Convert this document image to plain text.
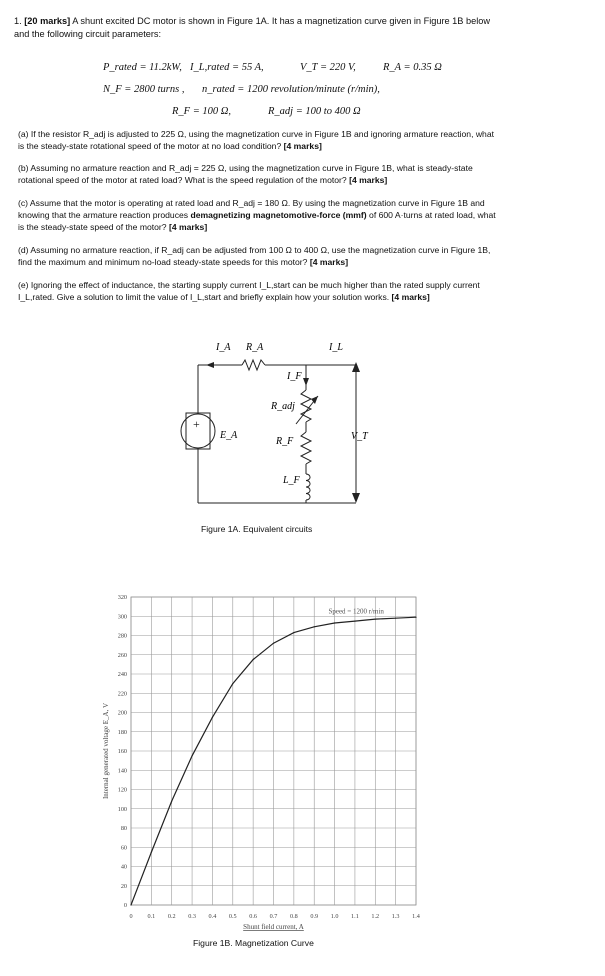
1. [20 marks] A shunt excited DC motor is shown in Figure 1A. It has a magnetization curve given in Figure 1B below
and the following circuit parameters:
P_rated = 11.2kW, I_L,rated = 55 A,	V_T = 220 V,	R_A = 0.35 Ω
N_F = 2800 turns , n_rated = 1200 revolution/minute (r/min),
R_F = 100 Ω,	R_adj = 100 to 400 Ω
(a) If the resistor R_adj is adjusted to 225 Ω, using the magnetization curve in Figure 1B and ignoring armature reaction, what is the steady-state rotational speed of the motor at no load condition? [4 marks]
(b) Assuming no armature reaction and R_adj = 225 Ω, using the magnetization curve in Figure 1B, what is steady-state rotational speed of the motor at rated load? What is the speed regulation of the motor? [4 marks]
(c) Assume that the motor is operating at rated load and R_adj = 180 Ω. By using the magnetization curve in Figure 1B and knowing that the armature reaction produces demagnetizing magnetomotive-force (mmf) of 600 A·turns at rated load, what is the steady-state speed of the motor? [4 marks]
(d) Assuming no armature reaction, if R_adj can be adjusted from 100 Ω to 400 Ω, use the magnetization curve in Figure 1B, find the maximum and minimum no-load steady-state speeds for this motor? [4 marks]
(e) Ignoring the effect of inductance, the starting supply current I_L,start can be much higher than the rated supply current I_L,rated. Give a solution to limit the value of I_L,start and briefly explain how your solution works. [4 marks]
+
I_A R_A	I_L
I_F
R_adj
E_A
R_F
L_F
V_T
Figure 1A. Equivalent circuits
0 0.1 0.2 0.3 0.4 0.5 0.6 0.7 0.8 0.9 1.0 1.1 1.2 1.3 1.4
0
20
40
60
80
100
120
140
160
180
200
220
240
260
280
300
320
Speed = 1200 r/min
Shunt field current, A
Internal generated voltage E_A, V
Figure 1B. Magnetization Curve
